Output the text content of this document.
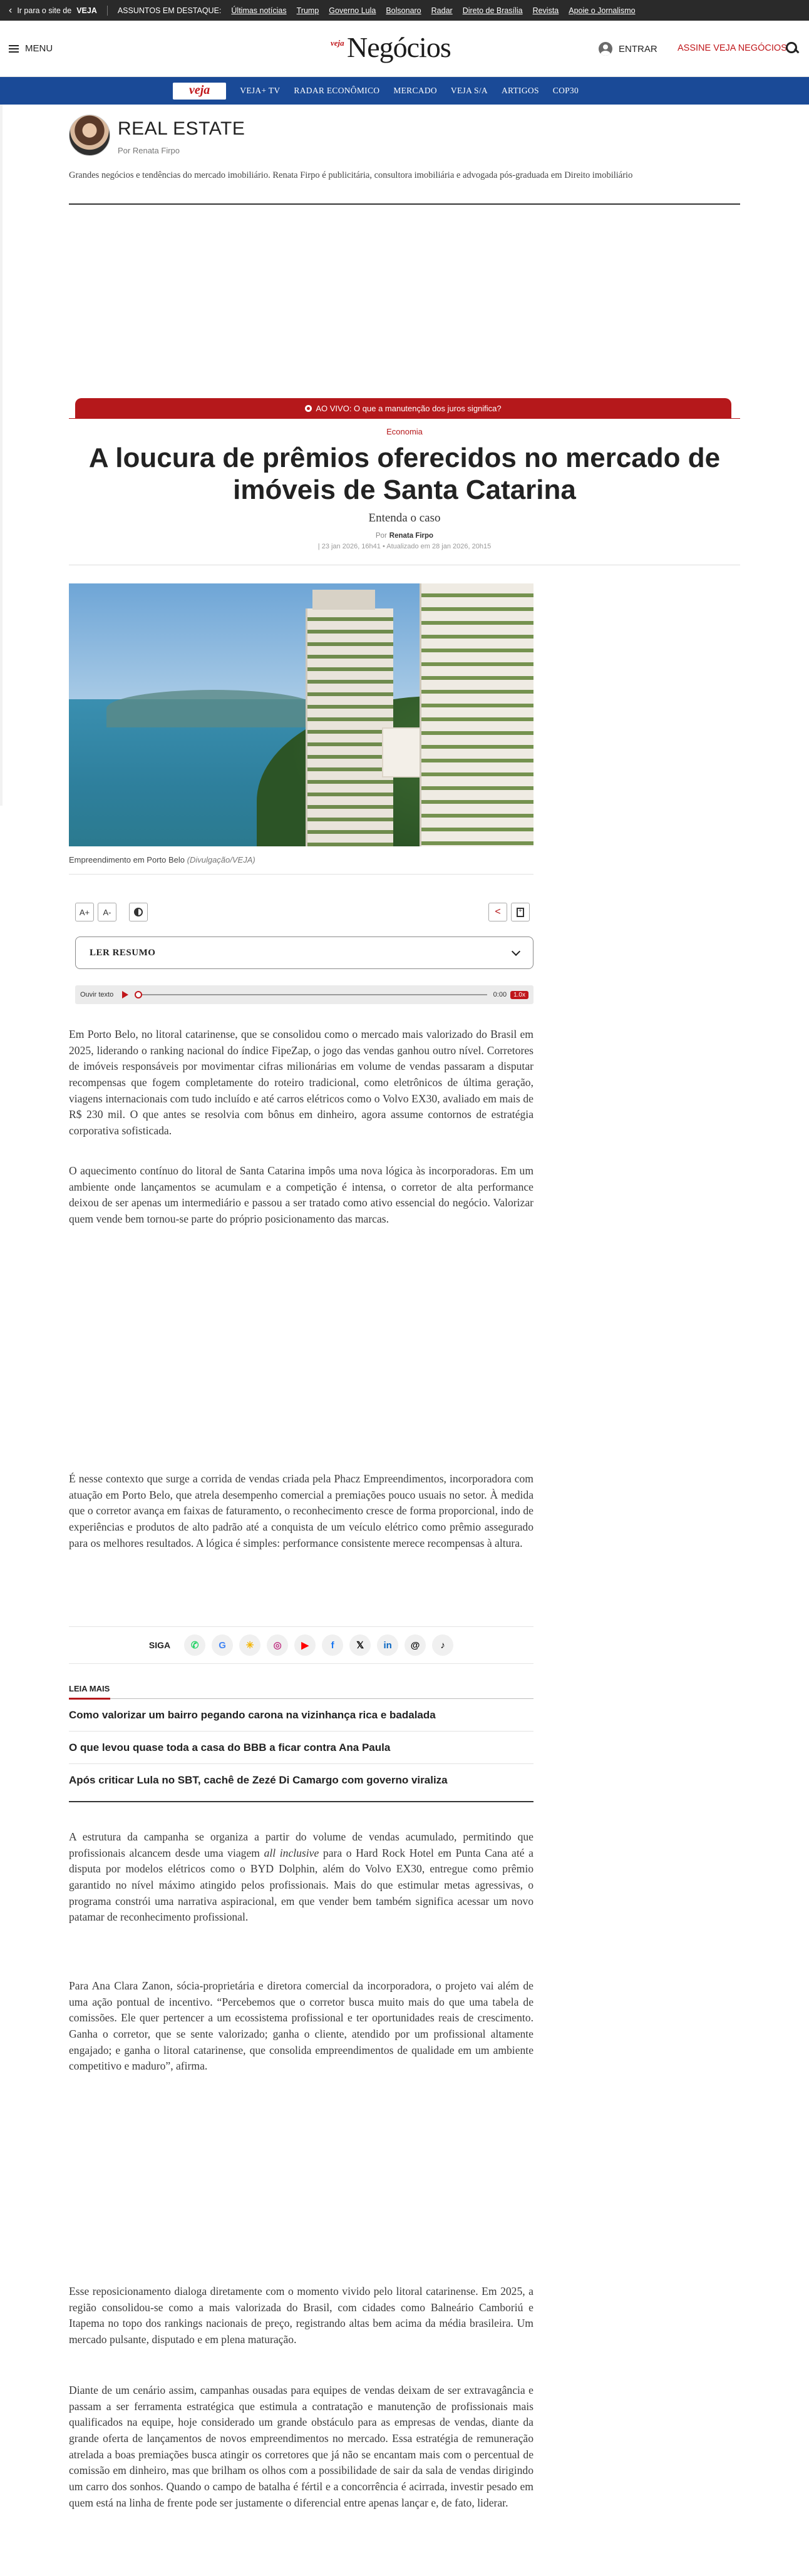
‹ Ir para o site de VEJA	ASSUNTOS EM DESTAQUE: Últimas notícias Trump Governo Lula Bolsonaro Radar Direto de Brasília Revista Apoie o Jornalismo
MENU
veja Negócios	ENTRAR ASSINE VEJA NEGÓCIOS
veja	VEJA+ TV RADAR ECONÔMICO MERCADO VEJA S/A ARTIGOS COP30
REAL ESTATE
Por Renata Firpo
Grandes negócios e tendências do mercado imobiliário. Renata Firpo é publicitária, consultora imobiliária e advogada pós-graduada em Direito imobiliário
AO VIVO: O que a manutenção dos juros significa?
Economia
A loucura de prêmios oferecidos no mercado de imóveis de Santa Catarina
Entenda o caso
Por Renata Firpo
| 23 jan 2026, 16h41 • Atualizado em 28 jan 2026, 20h15
Empreendimento em Porto Belo (Divulgação/VEJA)
A+	A-	<
+
LER RESUMO
Ouvir texto	0:00	1.0x

Em Porto Belo, no litoral catarinense, que se consolidou como o mercado mais valorizado do Brasil em 2025, liderando o ranking nacional do índice FipeZap, o jogo das vendas ganhou outro nível. Corretores de imóveis responsáveis por movimentar cifras milionárias em volume de vendas passaram a disputar recompensas que fogem completamente do roteiro tradicional, como eletrônicos de última geração, viagens internacionais com tudo incluído e até carros elétricos como o Volvo EX30, avaliado em mais de R$ 230 mil. O que antes se resolvia com bônus em dinheiro, agora assume contornos de estratégia corporativa sofisticada.

O aquecimento contínuo do litoral de Santa Catarina impôs uma nova lógica às incorporadoras. Em um ambiente onde lançamentos se acumulam e a competição é intensa, o corretor de alta performance deixou de ser apenas um intermediário e passou a ser tratado como ativo essencial do negócio. Valorizar quem vende bem tornou-se parte do próprio posicionamento das marcas.

É nesse contexto que surge a corrida de vendas criada pela Phacz Empreendimentos, incorporadora com atuação em Porto Belo, que atrela desempenho comercial a premiações pouco usuais no setor. À medida que o corretor avança em faixas de faturamento, o reconhecimento cresce de forma proporcional, indo de experiências e produtos de alto padrão até a conquista de um veículo elétrico como prêmio assegurado para os melhores resultados. A lógica é simples: performance consistente merece recompensas à altura.

SIGA	✆	G	✳	◎	▶	f	𝕏	in	@	♪
LEIA MAIS
Como valorizar um bairro pegando carona na vizinhança rica e badalada
O que levou quase toda a casa do BBB a ficar contra Ana Paula
Após criticar Lula no SBT, cachê de Zezé Di Camargo com governo viraliza

A estrutura da campanha se organiza a partir do volume de vendas acumulado, permitindo que profissionais alcancem desde uma viagem all inclusive para o Hard Rock Hotel em Punta Cana até a disputa por modelos elétricos como o BYD Dolphin, além do Volvo EX30, entregue como prêmio garantido no nível máximo atingido pelos profissionais. Mais do que estimular metas agressivas, o programa constrói uma narrativa aspiracional, em que vender bem também significa acessar um novo patamar de reconhecimento profissional.

Para Ana Clara Zanon, sócia-proprietária e diretora comercial da incorporadora, o projeto vai além de uma ação pontual de incentivo. “Percebemos que o corretor busca muito mais do que uma tabela de comissões. Ele quer pertencer a um ecossistema profissional e ter oportunidades reais de crescimento. Ganha o corretor, que se sente valorizado; ganha o cliente, atendido por um profissional altamente engajado; e ganha o litoral catarinense, que consolida empreendimentos de qualidade em um ambiente competitivo e maduro”, afirma.

Esse reposicionamento dialoga diretamente com o momento vivido pelo litoral catarinense. Em 2025, a região consolidou-se como a mais valorizada do Brasil, com cidades como Balneário Camboriú e Itapema no topo dos rankings nacionais de preço, registrando altas bem acima da média brasileira. Um mercado pulsante, disputado e em plena maturação.

Diante de um cenário assim, campanhas ousadas para equipes de vendas deixam de ser extravagância e passam a ser ferramenta estratégica que estimula a contratação e manutenção de profissionais mais qualificados na equipe, hoje considerado um grande obstáculo para as empresas de vendas, diante da grande oferta de lançamentos de novos empreendimentos no mercado. Essa estratégia de remuneração atrelada a boas premiações busca atingir os corretores que já não se encantam mais com o percentual de comissão em dinheiro, mas que brilham os olhos com a possibilidade de sair da sala de vendas dirigindo um carro dos sonhos. Quando o campo de batalha é fértil e a concorrência é acirrada, investir pesado em quem está na linha de frente pode ser justamente o diferencial entre apenas lançar e, de fato, liderar.
